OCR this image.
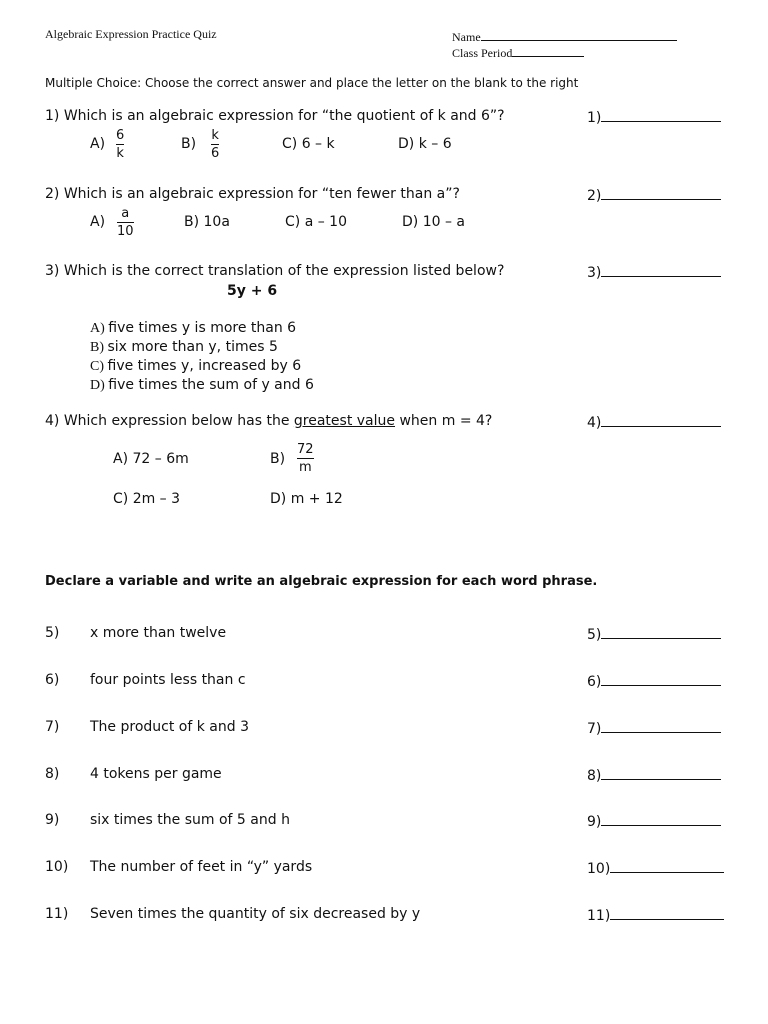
Algebraic Expression Practice Quiz	Name
Class Period
Multiple Choice: Choose the correct answer and place the letter on the blank to the right
1) Which is an algebraic expression for “the quotient of k and 6”?	1)
A)
6
k
B)
k
6
C) 6 – k	D) k – 6
2) Which is an algebraic expression for “ten fewer than a”?	2)
A)
a
10
B) 10a	C) a – 10	D) 10 – a
3) Which is the correct translation of the expression listed below?	3)
5y + 6
A) five times y is more than 6
B) six more than y, times 5
C) five times y, increased by 6
D) five times the sum of y and 6
4) Which expression below has the greatest value when m = 4?	4)
A) 72 – 6m	B)
72
m
C) 2m – 3	D) m + 12
Declare a variable and write an algebraic expression for each word phrase.
5) x more than twelve	5)
6) four points less than c	6)
7) The product of k and 3	7)
8) 4 tokens per game	8)
9) six times the sum of 5 and h	9)
10) The number of feet in “y” yards	10)
11) Seven times the quantity of six decreased by y	11)
